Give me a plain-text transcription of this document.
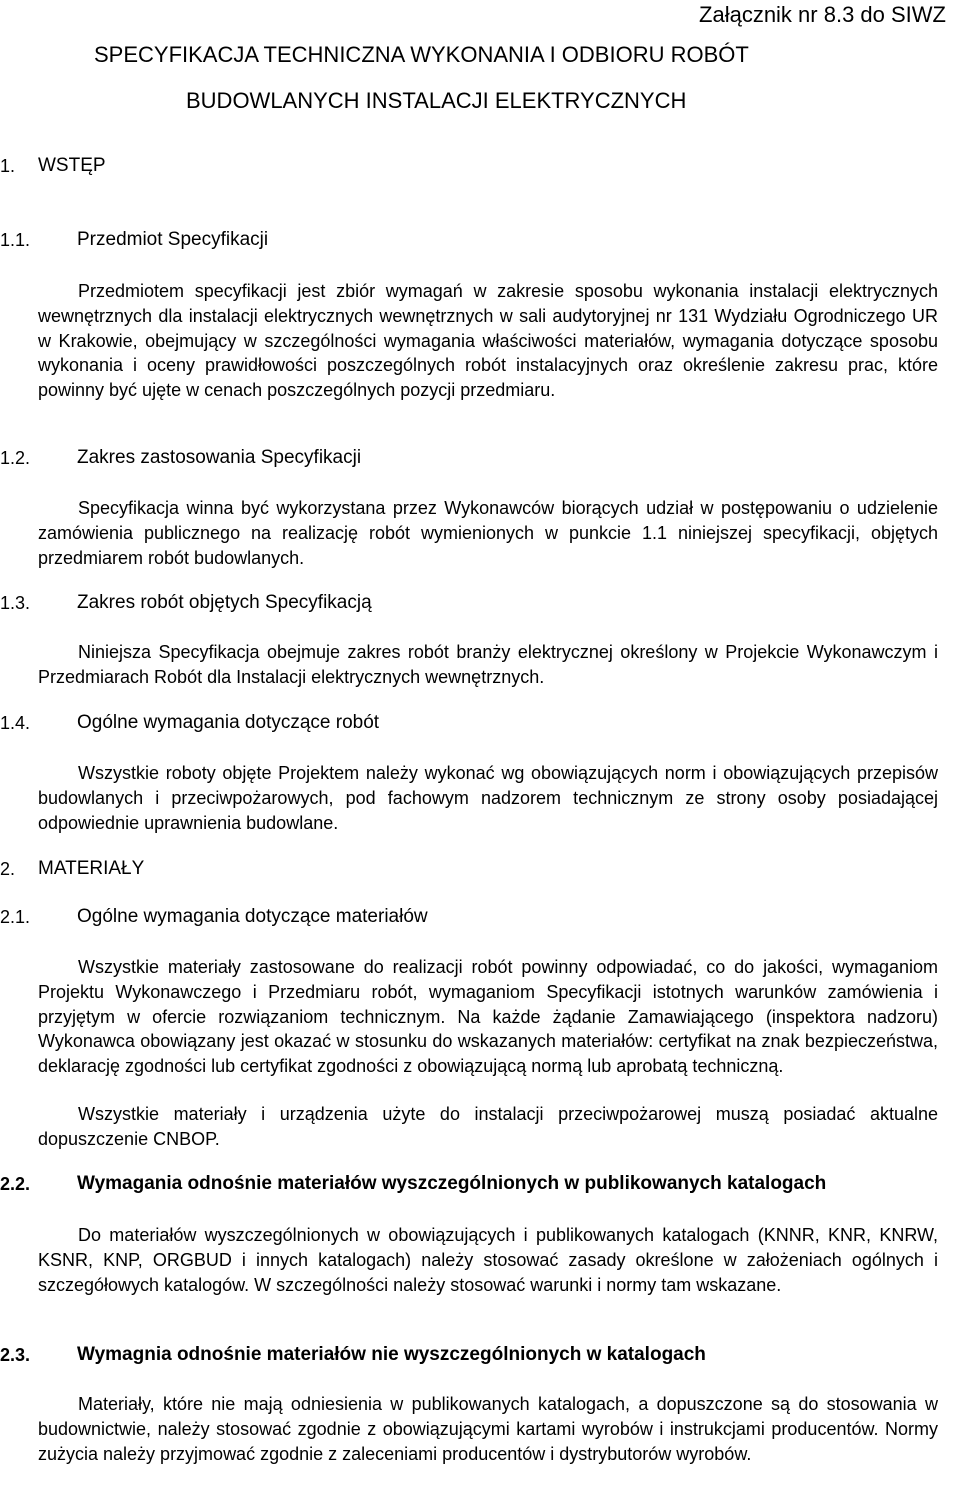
Załącznik nr 8.3 do SIWZ
SPECYFIKACJA TECHNICZNA WYKONANIA I ODBIORU ROBÓT
BUDOWLANYCH INSTALACJI ELEKTRYCZNYCH
1. WSTĘP
1.1. Przedmiot Specyfikacji
Przedmiotem specyfikacji jest zbiór wymagań w zakresie sposobu wykonania instalacji elektrycznych wewnętrznych dla instalacji elektrycznych wewnętrznych w sali audytoryjnej nr 131 Wydziału Ogrodniczego UR w Krakowie, obejmujący w szczególności wymagania właściwości materiałów, wymagania dotyczące sposobu wykonania i oceny prawidłowości poszczególnych robót instalacyjnych oraz określenie zakresu prac, które powinny być ujęte w cenach poszczególnych pozycji przedmiaru.
1.2. Zakres zastosowania Specyfikacji
Specyfikacja winna być wykorzystana przez Wykonawców biorących udział w postępowaniu o udzielenie zamówienia publicznego na realizację robót wymienionych w punkcie 1.1 niniejszej specyfikacji, objętych przedmiarem robót budowlanych.
1.3. Zakres robót objętych Specyfikacją
Niniejsza Specyfikacja obejmuje zakres robót branży elektrycznej określony w Projekcie Wykonawczym i Przedmiarach Robót dla Instalacji elektrycznych wewnętrznych.
1.4. Ogólne wymagania dotyczące robót
Wszystkie roboty objęte Projektem należy wykonać wg obowiązujących norm i obowiązujących przepisów budowlanych i przeciwpożarowych, pod fachowym nadzorem technicznym ze strony osoby posiadającej odpowiednie uprawnienia budowlane.
2. MATERIAŁY
2.1. Ogólne wymagania dotyczące materiałów
Wszystkie materiały zastosowane do realizacji robót powinny odpowiadać, co do jakości, wymaganiom Projektu Wykonawczego i Przedmiaru robót, wymaganiom Specyfikacji istotnych warunków zamówienia i przyjętym w ofercie rozwiązaniom technicznym. Na każde żądanie Zamawiającego (inspektora nadzoru) Wykonawca obowiązany jest okazać w stosunku do wskazanych materiałów: certyfikat na znak bezpieczeństwa, deklarację zgodności lub certyfikat zgodności z obowiązującą normą lub aprobatą techniczną.
Wszystkie materiały i urządzenia użyte do instalacji przeciwpożarowej muszą posiadać aktualne dopuszczenie CNBOP.
2.2. Wymagania odnośnie materiałów wyszczególnionych w publikowanych katalogach
Do materiałów wyszczególnionych w obowiązujących i publikowanych katalogach (KNNR, KNR, KNRW, KSNR, KNP, ORGBUD i innych katalogach) należy stosować zasady określone w założeniach ogólnych i szczegółowych katalogów. W szczególności należy stosować warunki i normy tam wskazane.
2.3. Wymagnia odnośnie materiałów nie wyszczególnionych w katalogach
Materiały, które nie mają odniesienia w publikowanych katalogach, a dopuszczone są do stosowania w budownictwie, należy stosować zgodnie z obowiązującymi kartami wyrobów i instrukcjami producentów. Normy zużycia należy przyjmować zgodnie z zaleceniami producentów i dystrybutorów wyrobów.
